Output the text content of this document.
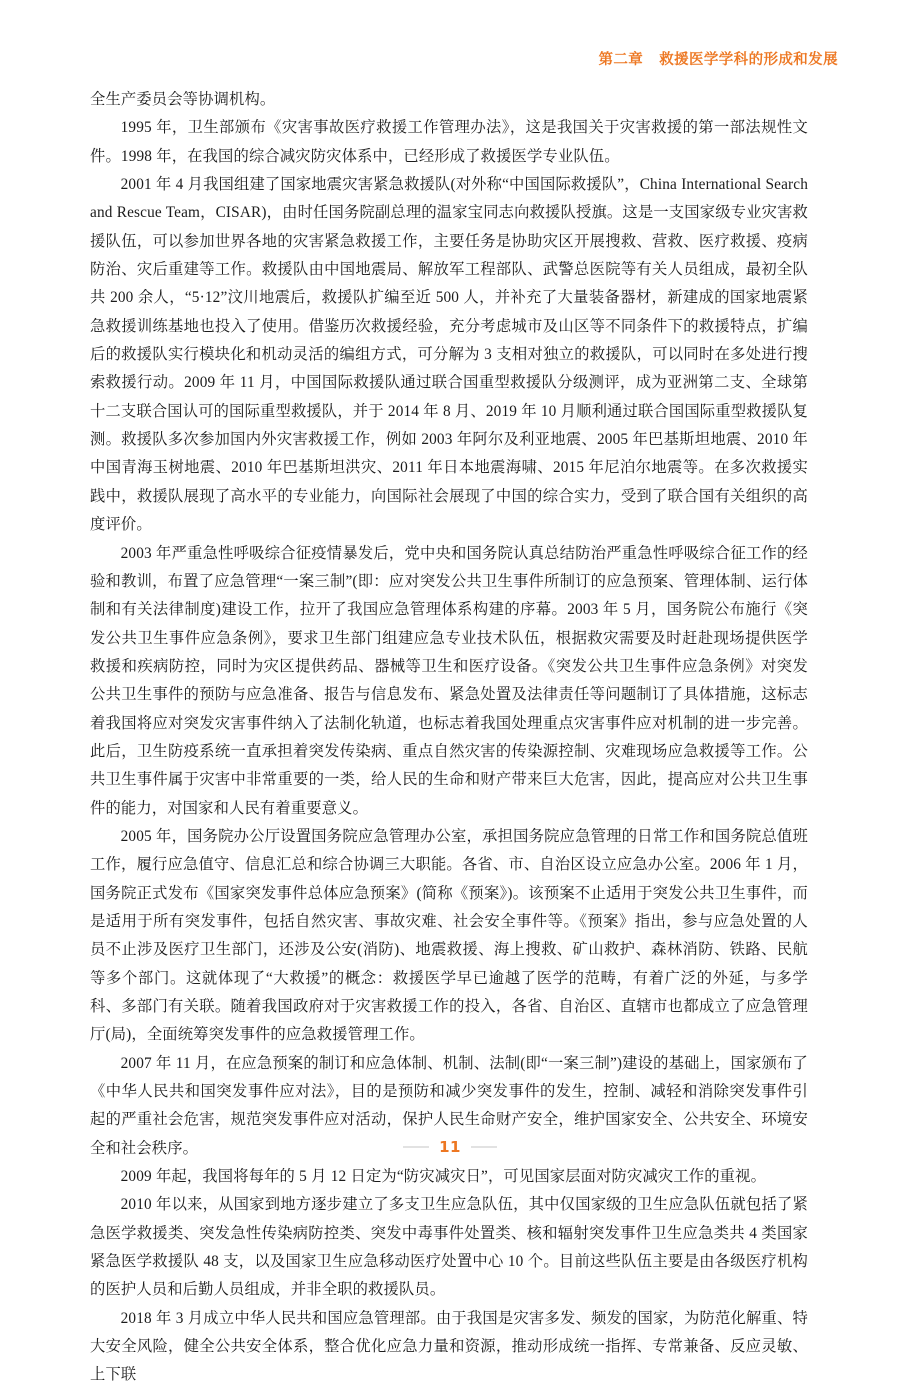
第二章 救援医学学科的形成和发展

全生产委员会等协调机构。

1995 年，卫生部颁布《灾害事故医疗救援工作管理办法》，这是我国关于灾害救援的第一部法规性文件。1998 年，在我国的综合减灾防灾体系中，已经形成了救援医学专业队伍。

2001 年 4 月我国组建了国家地震灾害紧急救援队(对外称“中国国际救援队”，China International Search and Rescue Team，CISAR)，由时任国务院副总理的温家宝同志向救援队授旗。这是一支国家级专业灾害救援队伍，可以参加世界各地的灾害紧急救援工作，主要任务是协助灾区开展搜救、营救、医疗救援、疫病防治、灾后重建等工作。救援队由中国地震局、解放军工程部队、武警总医院等有关人员组成，最初全队共 200 余人，“5·12”汶川地震后，救援队扩编至近 500 人，并补充了大量装备器材，新建成的国家地震紧急救援训练基地也投入了使用。借鉴历次救援经验，充分考虑城市及山区等不同条件下的救援特点，扩编后的救援队实行模块化和机动灵活的编组方式，可分解为 3 支相对独立的救援队，可以同时在多处进行搜索救援行动。2009 年 11 月，中国国际救援队通过联合国重型救援队分级测评，成为亚洲第二支、全球第十二支联合国认可的国际重型救援队，并于 2014 年 8 月、2019 年 10 月顺利通过联合国国际重型救援队复测。救援队多次参加国内外灾害救援工作，例如 2003 年阿尔及利亚地震、2005 年巴基斯坦地震、2010 年中国青海玉树地震、2010 年巴基斯坦洪灾、2011 年日本地震海啸、2015 年尼泊尔地震等。在多次救援实践中，救援队展现了高水平的专业能力，向国际社会展现了中国的综合实力，受到了联合国有关组织的高度评价。

2003 年严重急性呼吸综合征疫情暴发后，党中央和国务院认真总结防治严重急性呼吸综合征工作的经验和教训，布置了应急管理“一案三制”(即：应对突发公共卫生事件所制订的应急预案、管理体制、运行体制和有关法律制度)建设工作，拉开了我国应急管理体系构建的序幕。2003 年 5 月，国务院公布施行《突发公共卫生事件应急条例》，要求卫生部门组建应急专业技术队伍，根据救灾需要及时赶赴现场提供医学救援和疾病防控，同时为灾区提供药品、器械等卫生和医疗设备。《突发公共卫生事件应急条例》对突发公共卫生事件的预防与应急准备、报告与信息发布、紧急处置及法律责任等问题制订了具体措施，这标志着我国将应对突发灾害事件纳入了法制化轨道，也标志着我国处理重点灾害事件应对机制的进一步完善。此后，卫生防疫系统一直承担着突发传染病、重点自然灾害的传染源控制、灾难现场应急救援等工作。公共卫生事件属于灾害中非常重要的一类，给人民的生命和财产带来巨大危害，因此，提高应对公共卫生事件的能力，对国家和人民有着重要意义。

2005 年，国务院办公厅设置国务院应急管理办公室，承担国务院应急管理的日常工作和国务院总值班工作，履行应急值守、信息汇总和综合协调三大职能。各省、市、自治区设立应急办公室。2006 年 1 月，国务院正式发布《国家突发事件总体应急预案》(简称《预案》)。该预案不止适用于突发公共卫生事件，而是适用于所有突发事件，包括自然灾害、事故灾难、社会安全事件等。《预案》指出，参与应急处置的人员不止涉及医疗卫生部门，还涉及公安(消防)、地震救援、海上搜救、矿山救护、森林消防、铁路、民航等多个部门。这就体现了“大救援”的概念：救援医学早已逾越了医学的范畴，有着广泛的外延，与多学科、多部门有关联。随着我国政府对于灾害救援工作的投入，各省、自治区、直辖市也都成立了应急管理厅(局)，全面统筹突发事件的应急救援管理工作。

2007 年 11 月，在应急预案的制订和应急体制、机制、法制(即“一案三制”)建设的基础上，国家颁布了《中华人民共和国突发事件应对法》，目的是预防和减少突发事件的发生，控制、减轻和消除突发事件引起的严重社会危害，规范突发事件应对活动，保护人民生命财产安全，维护国家安全、公共安全、环境安全和社会秩序。

2009 年起，我国将每年的 5 月 12 日定为“防灾减灾日”，可见国家层面对防灾减灾工作的重视。

2010 年以来，从国家到地方逐步建立了多支卫生应急队伍，其中仅国家级的卫生应急队伍就包括了紧急医学救援类、突发急性传染病防控类、突发中毒事件处置类、核和辐射突发事件卫生应急类共 4 类国家紧急医学救援队 48 支，以及国家卫生应急移动医疗处置中心 10 个。目前这些队伍主要是由各级医疗机构的医护人员和后勤人员组成，并非全职的救援队员。

2018 年 3 月成立中华人民共和国应急管理部。由于我国是灾害多发、频发的国家，为防范化解重、特大安全风险，健全公共安全体系，整合优化应急力量和资源，推动形成统一指挥、专常兼备、反应灵敏、上下联

11
